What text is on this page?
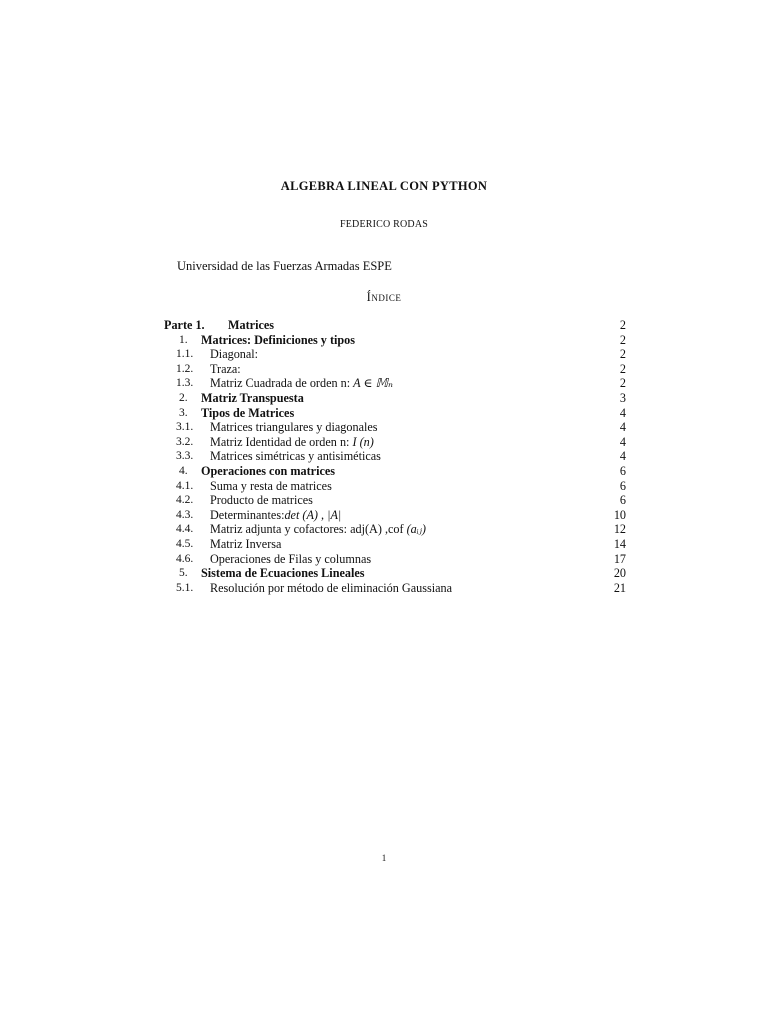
ALGEBRA LINEAL CON PYTHON
FEDERICO RODAS
Universidad de las Fuerzas Armadas ESPE
Índice
Parte 1. Matrices	2
1. Matrices: Definiciones y tipos	2
1.1. Diagonal:	2
1.2. Traza:	2
1.3. Matriz Cuadrada de orden n: A ∈ 𝕄ₙ	2
2. Matriz Transpuesta	3
3. Tipos de Matrices	4
3.1. Matrices triangulares y diagonales	4
3.2. Matriz Identidad de orden n: I (n)	4
3.3. Matrices simétricas y antisiméticas	4
4. Operaciones con matrices	6
4.1. Suma y resta de matrices	6
4.2. Producto de matrices	6
4.3. Determinantes:det (A) , |A|	10
4.4. Matriz adjunta y cofactores: adj(A) ,cof (aᵢⱼ)	12
4.5. Matriz Inversa	14
4.6. Operaciones de Filas y columnas	17
5. Sistema de Ecuaciones Lineales	20
5.1. Resolución por método de eliminación Gaussiana	21
1
